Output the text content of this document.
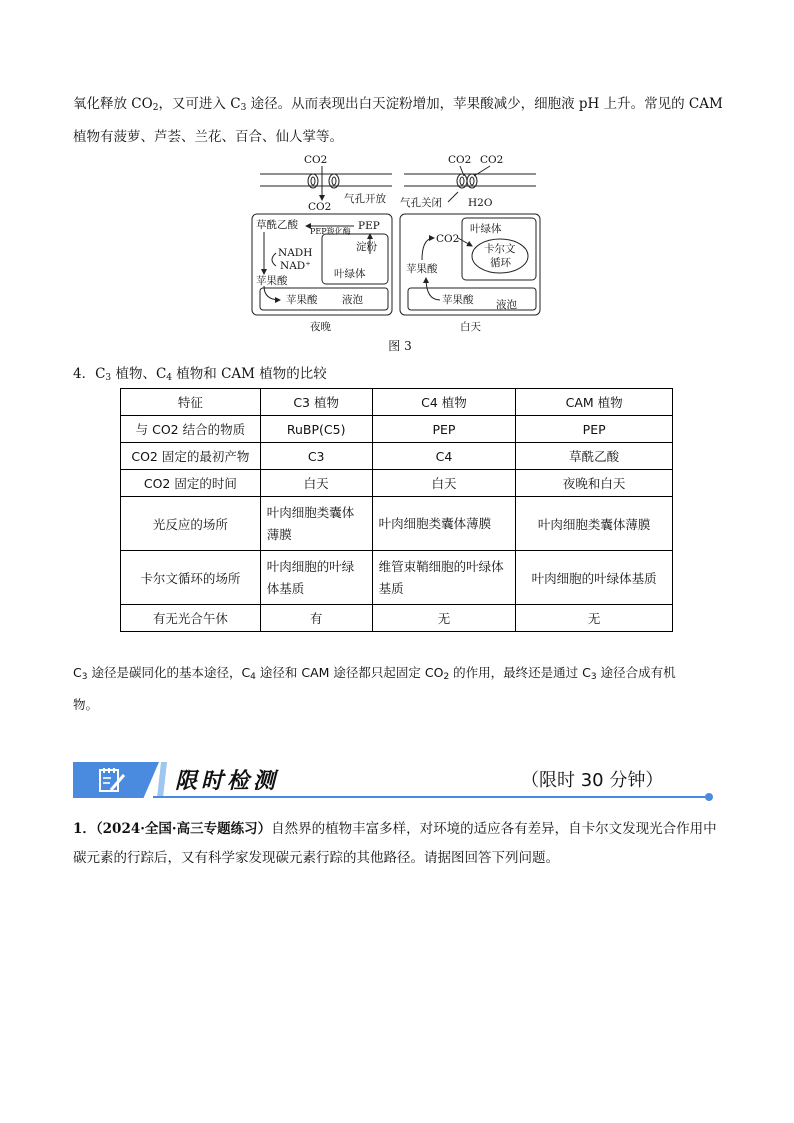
氧化释放 $CO_2$，又可进入 $C_3$ 途径。从而表现出白天淀粉增加，苹果酸减少，细胞液 pH 上升。常见的 CAM
植物有菠萝、芦荟、兰花、百合、仙人掌等。

CO2
CO2
气孔开放
草酰乙酸
PEP羧化酶 PEP
淀粉
叶绿体
NADH
NAD⁺
苹果酸
苹果酸 液泡
夜晚
CO2 CO2
气孔关闭 H2O
叶绿体
卡尔文
循环
CO2
苹果酸
苹果酸 液泡
白天
图 3

4．$C_3$ 植物、$C_4$ 植物和 CAM 植物的比较

特征	C3 植物	C4 植物	CAM 植物
与 CO2 结合的物质	RuBP(C5)	PEP	PEP
CO2 固定的最初产物	C3	C4	草酰乙酸
CO2 固定的时间	白天	白天	夜晚和白天
光反应的场所	叶肉细胞类囊体薄膜	叶肉细胞类囊体薄膜	叶肉细胞类囊体薄膜
卡尔文循环的场所	叶肉细胞的叶绿体基质	维管束鞘细胞的叶绿体基质	叶肉细胞的叶绿体基质
有无光合午休	有	无	无

$C_3$ 途径是碳同化的基本途径，$C_4$ 途径和 CAM 途径都只起固定 $CO_2$ 的作用，最终还是通过 $C_3$ 途径合成有机
物。

限时检测	（限时 30 分钟）

1．（2024·全国·高三专题练习）自然界的植物丰富多样，对环境的适应各有差异，自卡尔文发现光合作用中
碳元素的行踪后，又有科学家发现碳元素行踪的其他路径。请据图回答下列问题。
